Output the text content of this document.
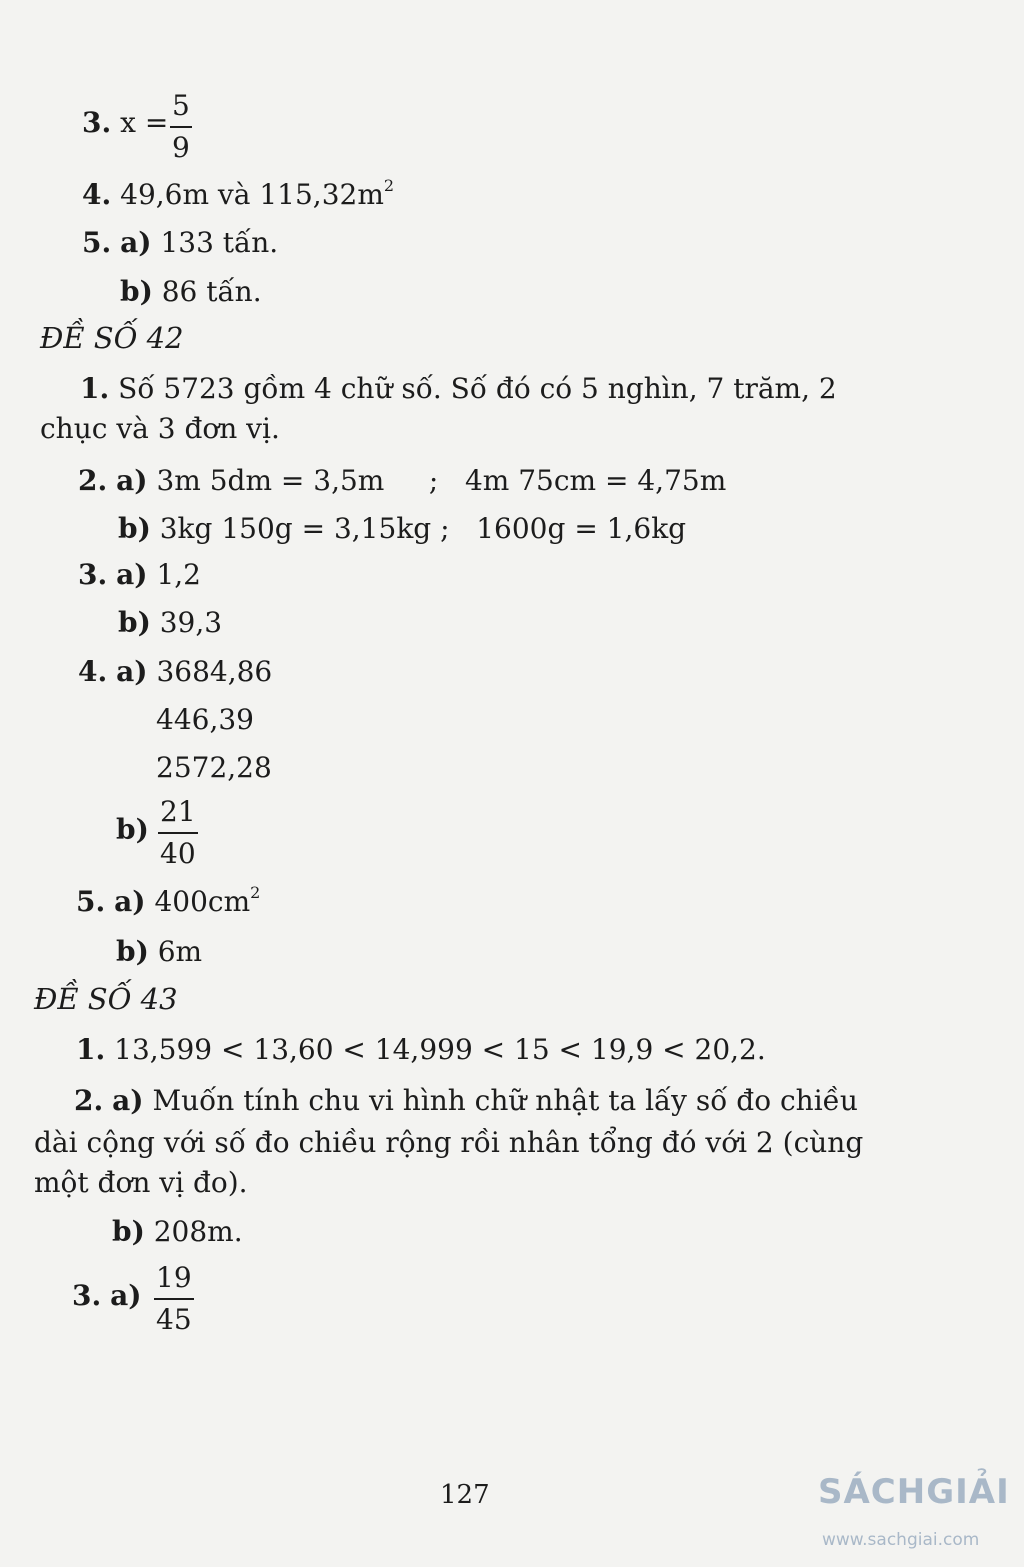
3. x =
5
9
4. 49,6m và $115,32m^2$
5. a) 133 tấn.
b) 86 tấn.
ĐỀ SỐ 42
1. Số 5723 gồm 4 chữ số. Số đó có 5 nghìn, 7 trăm, 2
chục và 3 đơn vị.
2. a) 3m 5dm = 3,5m     ;   4m 75cm = 4,75m
b) 3kg 150g = 3,15kg ;   1600g = 1,6kg
3. a) 1,2
b) 39,3
4. a) 3684,86
446,39
2572,28
b)
21
40
5. a) $400cm^2$
b) 6m
ĐỀ SỐ 43
1. 13,599 < 13,60 < 14,999 < 15 < 19,9 < 20,2.
2. a) Muốn tính chu vi hình chữ nhật ta lấy số đo chiều
dài cộng với số đo chiều rộng rồi nhân tổng đó với 2 (cùng
một đơn vị đo).
b) 208m.
3. a)
19
45
127	SÁCHGIẢI
www.sachgiai.com
